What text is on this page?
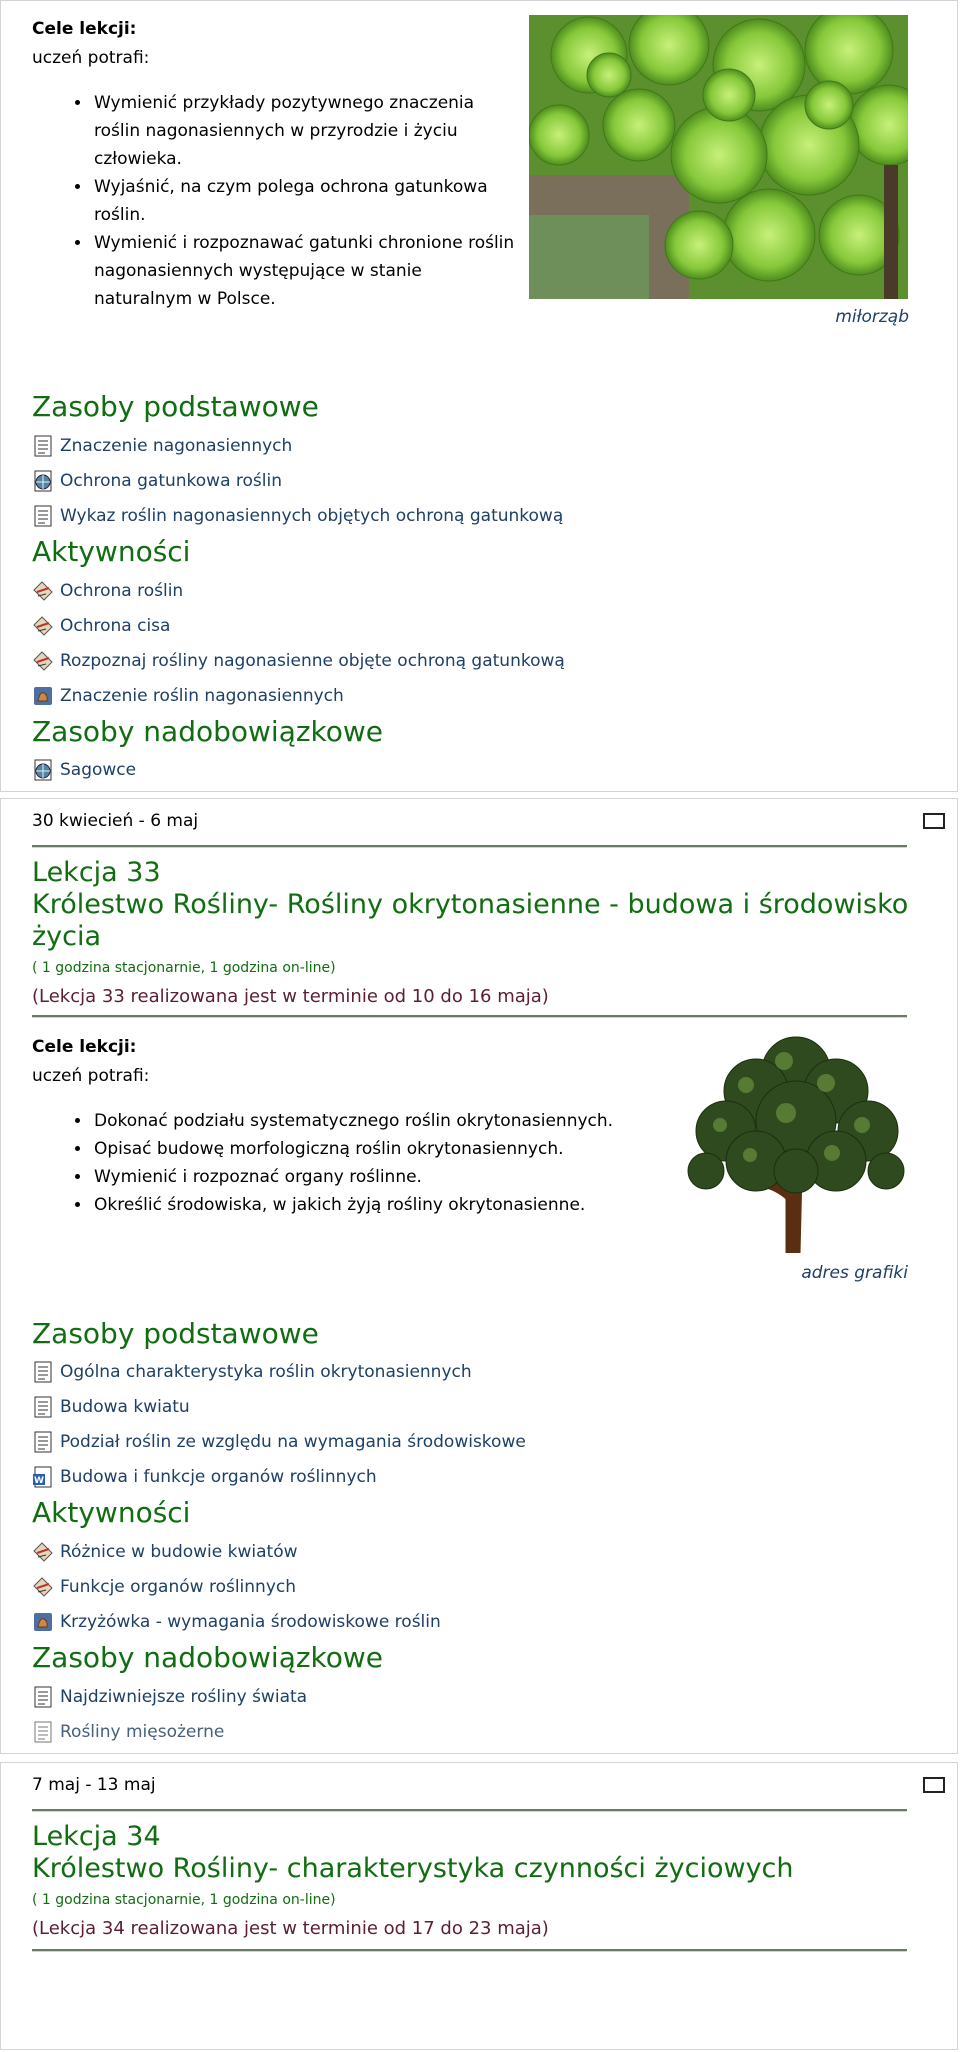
Cele lekcji:
uczeń potrafi:
• Wymienić przykłady pozytywnego znaczenia
roślin nagonasiennych w przyrodzie i życiu
człowieka.
• Wyjaśnić, na czym polega ochrona gatunkowa
roślin.
• Wymienić i rozpoznawać gatunki chronione roślin
nagonasiennych występujące w stanie
naturalnym w Polsce.
miłorząb
Zasoby podstawowe
Znaczenie nagonasiennych
Ochrona gatunkowa roślin
Wykaz roślin nagonasiennych objętych ochroną gatunkową
Aktywności
Ochrona roślin
Ochrona cisa
Rozpoznaj rośliny nagonasienne objęte ochroną gatunkową
Znaczenie roślin nagonasiennych
Zasoby nadobowiązkowe
Sagowce
30 kwiecień - 6 maj
Lekcja 33
Królestwo Rośliny- Rośliny okrytonasienne - budowa i środowisko
życia
( 1 godzina stacjonarnie, 1 godzina on-line)
(Lekcja 33 realizowana jest w terminie od 10 do 16 maja)
Cele lekcji:
uczeń potrafi:
• Dokonać podziału systematycznego roślin okrytonasiennych.
• Opisać budowę morfologiczną roślin okrytonasiennych.
• Wymienić i rozpoznać organy roślinne.
• Określić środowiska, w jakich żyją rośliny okrytonasienne.
adres grafiki
Zasoby podstawowe
Ogólna charakterystyka roślin okrytonasiennych
Budowa kwiatu
Podział roślin ze względu na wymagania środowiskowe
W Budowa i funkcje organów roślinnych
Aktywności
Różnice w budowie kwiatów
Funkcje organów roślinnych
Krzyżówka - wymagania środowiskowe roślin
Zasoby nadobowiązkowe
Najdziwniejsze rośliny świata
Rośliny mięsożerne
7 maj - 13 maj
Lekcja 34
Królestwo Rośliny- charakterystyka czynności życiowych
( 1 godzina stacjonarnie, 1 godzina on-line)
(Lekcja 34 realizowana jest w terminie od 17 do 23 maja)
